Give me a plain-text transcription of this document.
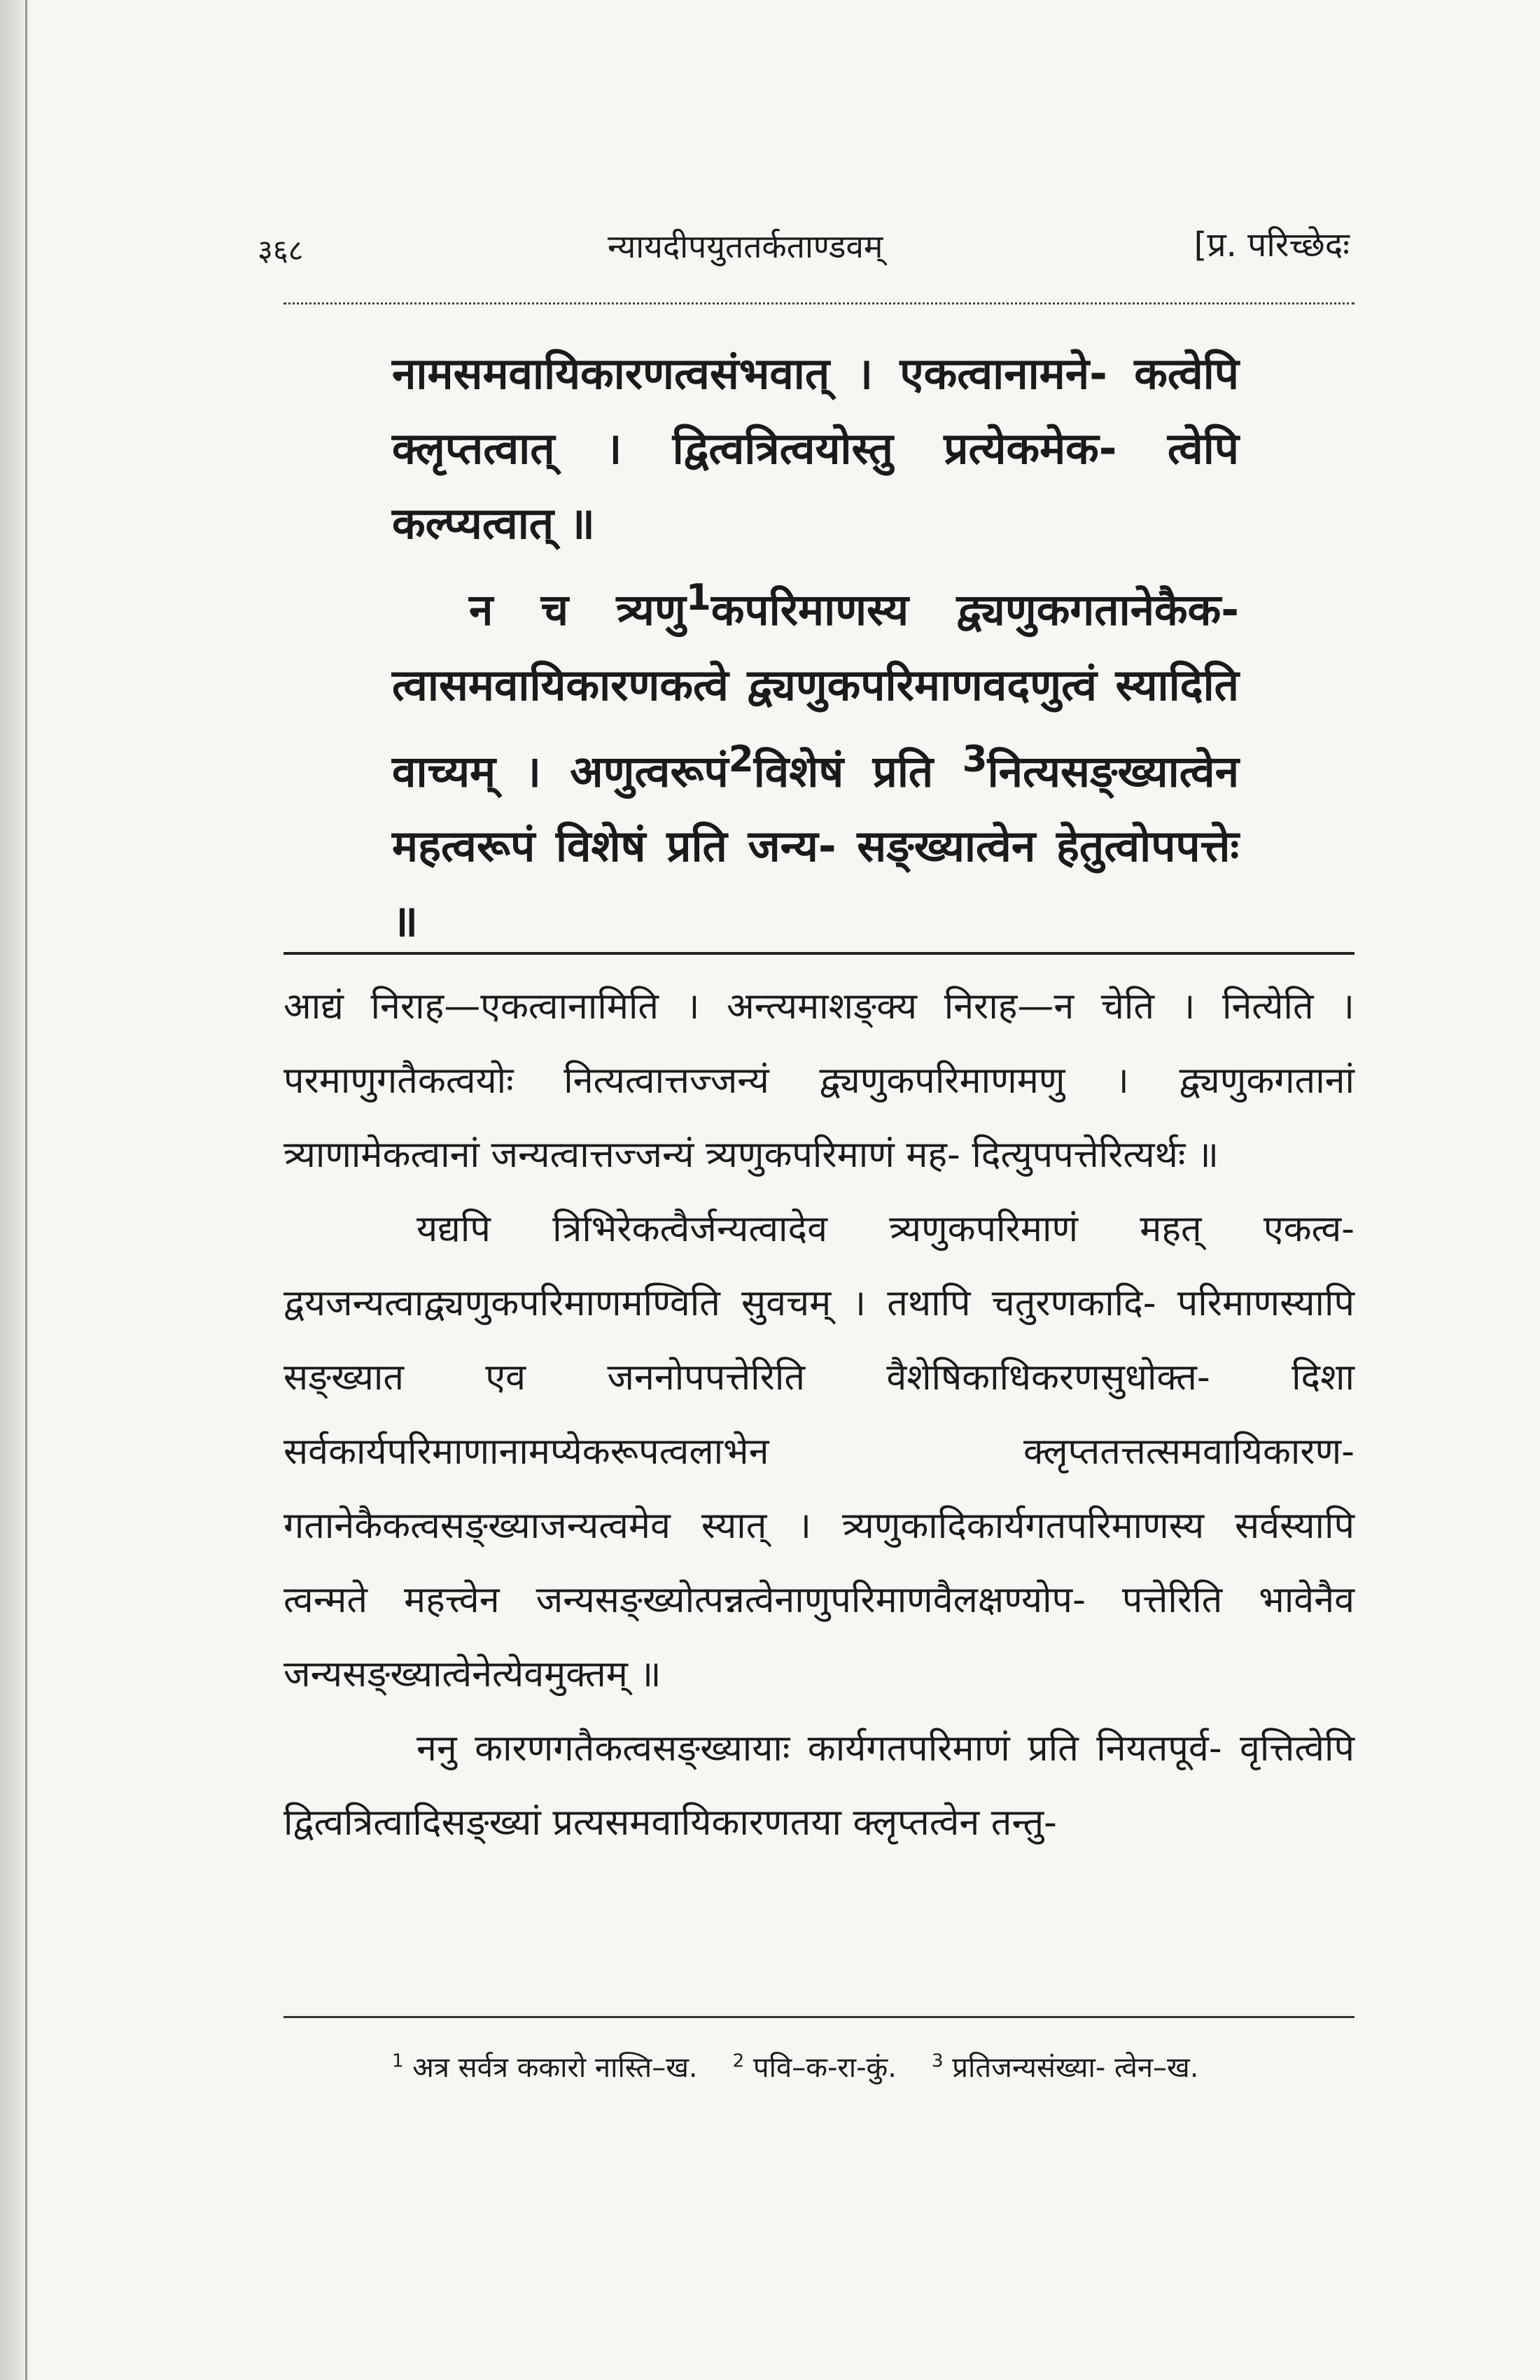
३६८	न्यायदीपयुततर्कताण्डवम्	[प्र. परिच्छेदः

नामसमवायिकारणत्वसंभवात् । एकत्वानामने- कत्वेपि क्लृप्तत्वात् । द्वित्वत्रित्वयोस्तु प्रत्येकमेक- त्वेपि कल्प्यत्वात् ॥

न च त्र्यणु$^1$कपरिमाणस्य द्व्यणुकगतानेकैक- त्वासमवायिकारणकत्वे द्व्यणुकपरिमाणवदणुत्वं स्यादिति वाच्यम् । अणुत्वरूपं$^2$विशेषं प्रति $^3$नित्यसङ्ख्यात्वेन महत्वरूपं विशेषं प्रति जन्य- सङ्ख्यात्वेन हेतुत्वोपपत्तेः ॥

आद्यं निराह—एकत्वानामिति । अन्त्यमाशङ्क्य निराह—न चेति । नित्येति । परमाणुगतैकत्वयोः नित्यत्वात्तज्जन्यं द्व्यणुकपरिमाणमणु । द्व्यणुकगतानां त्र्याणामेकत्वानां जन्यत्वात्तज्जन्यं त्र्यणुकपरिमाणं मह- दित्युपपत्तेरित्यर्थः ॥

यद्यपि त्रिभिरेकत्वैर्जन्यत्वादेव त्र्यणुकपरिमाणं महत् एकत्व- द्वयजन्यत्वाद्व्यणुकपरिमाणमण्विति सुवचम् । तथापि चतुरणकादि- परिमाणस्यापि सङ्ख्यात एव जननोपपत्तेरिति वैशेषिकाधिकरणसुधोक्त- दिशा सर्वकार्यपरिमाणानामप्येकरूपत्वलाभेन क्लृप्ततत्तत्समवायिकारण- गतानेकैकत्वसङ्ख्याजन्यत्वमेव स्यात् । त्र्यणुकादिकार्यगतपरिमाणस्य सर्वस्यापि त्वन्मते महत्त्वेन जन्यसङ्ख्योत्पन्नत्वेनाणुपरिमाणवैलक्षण्योप- पत्तेरिति भावेनैव जन्यसङ्ख्यात्वेनेत्येवमुक्तम् ॥

ननु कारणगतैकत्वसङ्ख्यायाः कार्यगतपरिमाणं प्रति नियतपूर्व- वृत्तित्वेपि द्वित्वत्रित्वादिसङ्ख्यां प्रत्यसमवायिकारणतया क्लृप्तत्वेन तन्तु-

$^1$ अत्र सर्वत्र ककारो नास्ति–ख. $^2$ पवि–क-रा-कुं. $^3$ प्रतिजन्यसंख्या- त्वेन–ख.
